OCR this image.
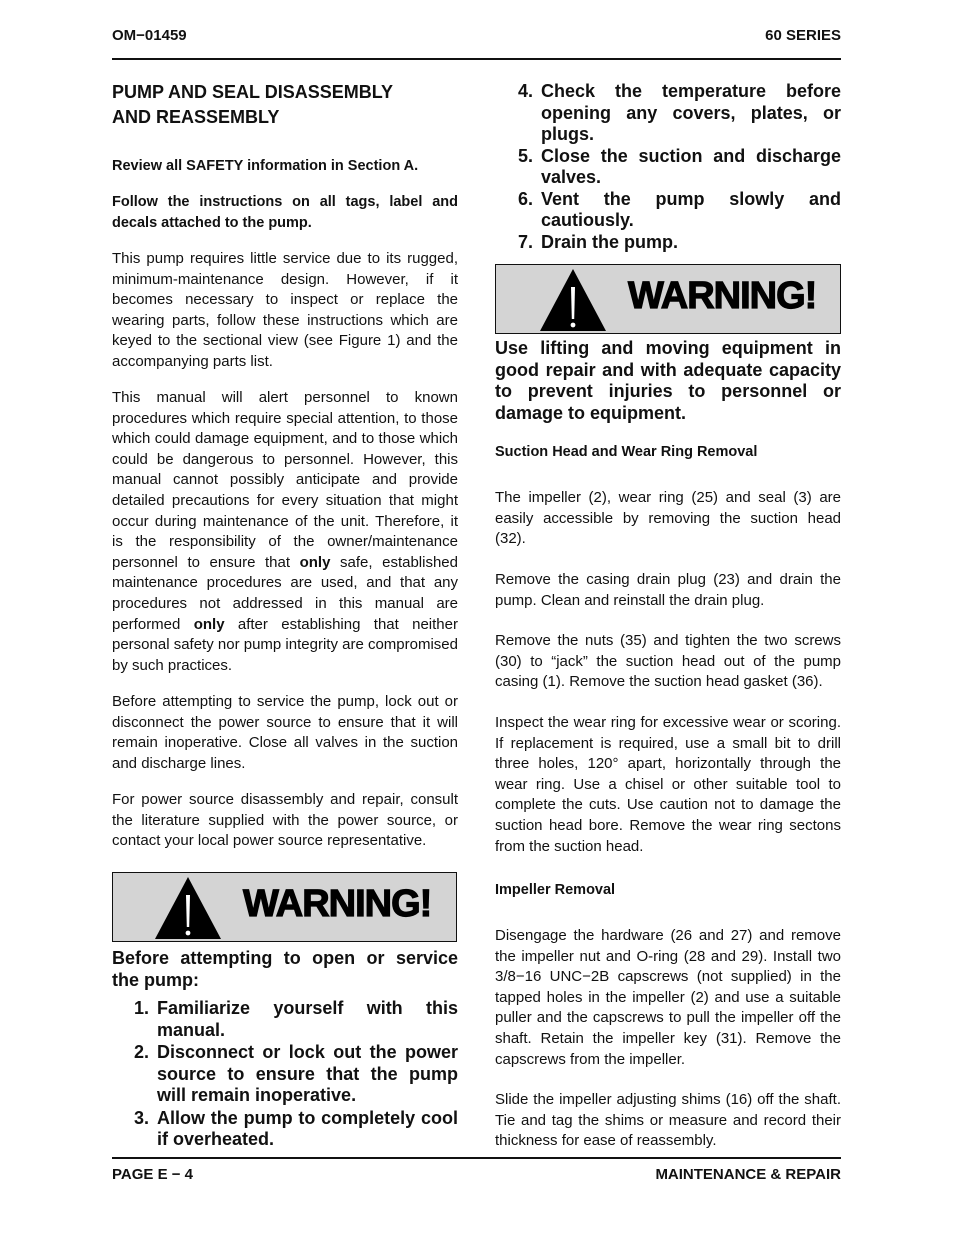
OM−01459	60 SERIES
PUMP AND SEAL DISASSEMBLY
AND REASSEMBLY
Review all SAFETY information in Section A.
Follow the instructions on all tags, label and decals attached to the pump.

This pump requires little service due to its rugged, minimum-maintenance design. However, if it becomes necessary to inspect or replace the wearing parts, follow these instructions which are keyed to the sectional view (see Figure 1) and the accompanying parts list.

This manual will alert personnel to known procedures which require special attention, to those which could damage equipment, and to those which could be dangerous to personnel. However, this manual cannot possibly anticipate and provide detailed precautions for every situation that might occur during maintenance of the unit. Therefore, it is the responsibility of the owner/maintenance personnel to ensure that only safe, established maintenance procedures are used, and that any procedures not addressed in this manual are performed only after establishing that neither personal safety nor pump integrity are compromised by such practices.

Before attempting to service the pump, lock out or disconnect the power source to ensure that it will remain inoperative. Close all valves in the suction and discharge lines.

For power source disassembly and repair, consult the literature supplied with the power source, or contact your local power source representative.

WARNING!
Before attempting to open or service the pump:
1. Familiarize yourself with this manual.
2. Disconnect or lock out the power source to ensure that the pump will remain inoperative.
3. Allow the pump to completely cool if overheated.
4. Check the temperature before opening any covers, plates, or plugs.
5. Close the suction and discharge valves.
6. Vent the pump slowly and cautiously.
7. Drain the pump.
WARNING!
Use lifting and moving equipment in good repair and with adequate capacity to prevent injuries to personnel or damage to equipment.
Suction Head and Wear Ring Removal

The impeller (2), wear ring (25) and seal (3) are easily accessible by removing the suction head (32).

Remove the casing drain plug (23) and drain the pump. Clean and reinstall the drain plug.

Remove the nuts (35) and tighten the two screws (30) to “jack” the suction head out of the pump casing (1). Remove the suction head gasket (36).

Inspect the wear ring for excessive wear or scoring. If replacement is required, use a small bit to drill three holes, 120° apart, horizontally through the wear ring. Use a chisel or other suitable tool to complete the cuts. Use caution not to damage the suction head bore. Remove the wear ring sectons from the suction head.

Impeller Removal

Disengage the hardware (26 and 27) and remove the impeller nut and O-ring (28 and 29). Install two 3/8−16 UNC−2B capscrews (not supplied) in the tapped holes in the impeller (2) and use a suitable puller and the capscrews to pull the impeller off the shaft. Retain the impeller key (31). Remove the capscrews from the impeller.

Slide the impeller adjusting shims (16) off the shaft. Tie and tag the shims or measure and record their thickness for ease of reassembly.

PAGE E − 4	MAINTENANCE & REPAIR
